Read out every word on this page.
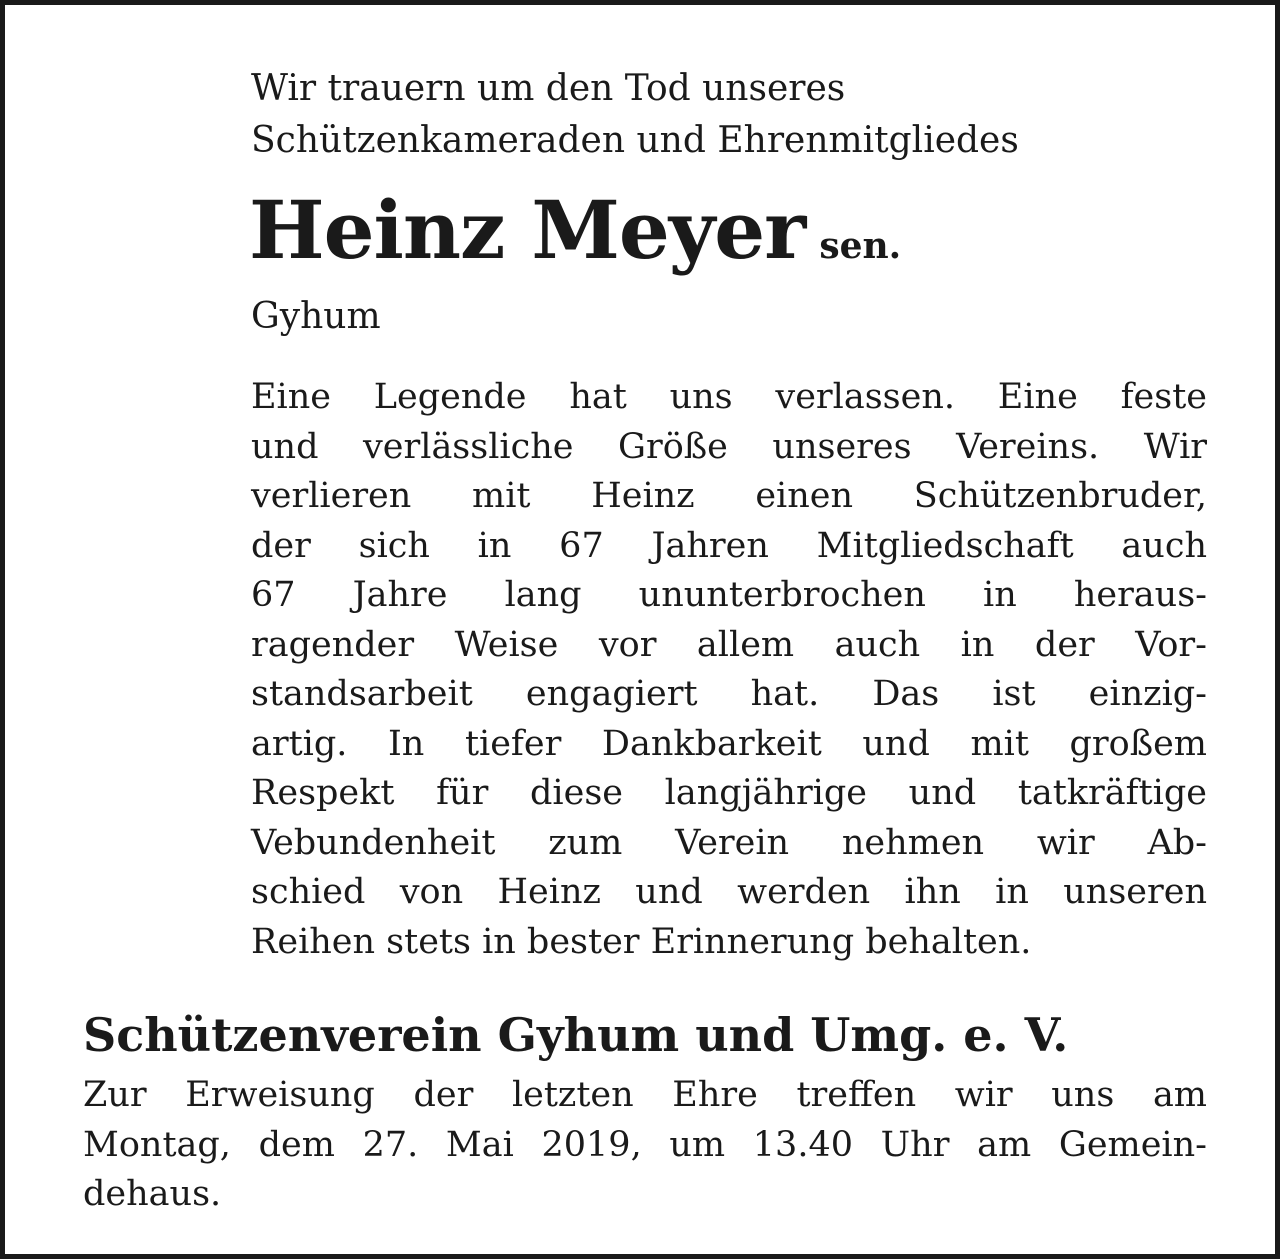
Wir trauern um den Tod unseres
Schützenkameraden und Ehrenmitgliedes

Heinz Meyer sen.

Gyhum

Eine Legende hat uns verlassen. Eine feste
und verlässliche Größe unseres Vereins. Wir
verlieren mit Heinz einen Schützenbruder,
der sich in 67 Jahren Mitgliedschaft auch
67 Jahre lang ununterbrochen in heraus-
ragender Weise vor allem auch in der Vor-
standsarbeit engagiert hat. Das ist einzig-
artig. In tiefer Dankbarkeit und mit großem
Respekt für diese langjährige und tatkräftige
Vebundenheit zum Verein nehmen wir Ab-
schied von Heinz und werden ihn in unseren
Reihen stets in bester Erinnerung behalten.

Schützenverein Gyhum und Umg. e. V.

Zur Erweisung der letzten Ehre treffen wir uns am
Montag, dem 27. Mai 2019, um 13.40 Uhr am Gemein-
dehaus.
